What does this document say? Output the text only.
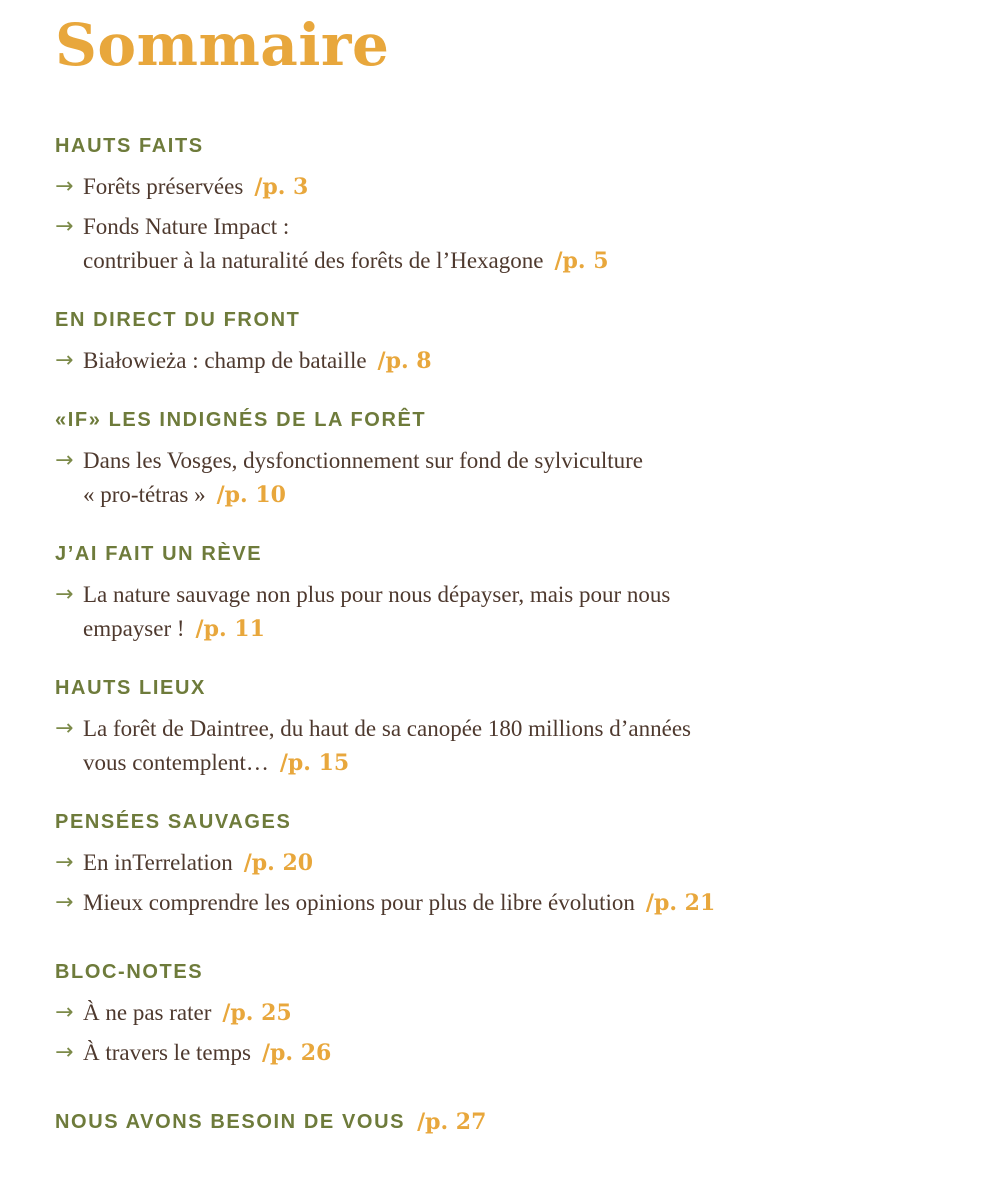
Sommaire
HAUTS FAITS
→ Forêts préservées /p. 3
→ Fonds Nature Impact :
contribuer à la naturalité des forêts de l’Hexagone /p. 5
EN DIRECT DU FRONT
→ Białowieża : champ de bataille /p. 8
«IF» LES INDIGNÉS DE LA FORÊT
→ Dans les Vosges, dysfonctionnement sur fond de sylviculture
« pro-tétras » /p. 10
J’AI FAIT UN RÈVE
→ La nature sauvage non plus pour nous dépayser, mais pour nous
empayser ! /p. 11
HAUTS LIEUX
→ La forêt de Daintree, du haut de sa canopée 180 millions d’années
vous contemplent… /p. 15
PENSÉES SAUVAGES
→ En inTerrelation /p. 20
→ Mieux comprendre les opinions pour plus de libre évolution /p. 21
BLOC-NOTES
→ À ne pas rater /p. 25
→ À travers le temps /p. 26
NOUS AVONS BESOIN DE VOUS /p. 27
